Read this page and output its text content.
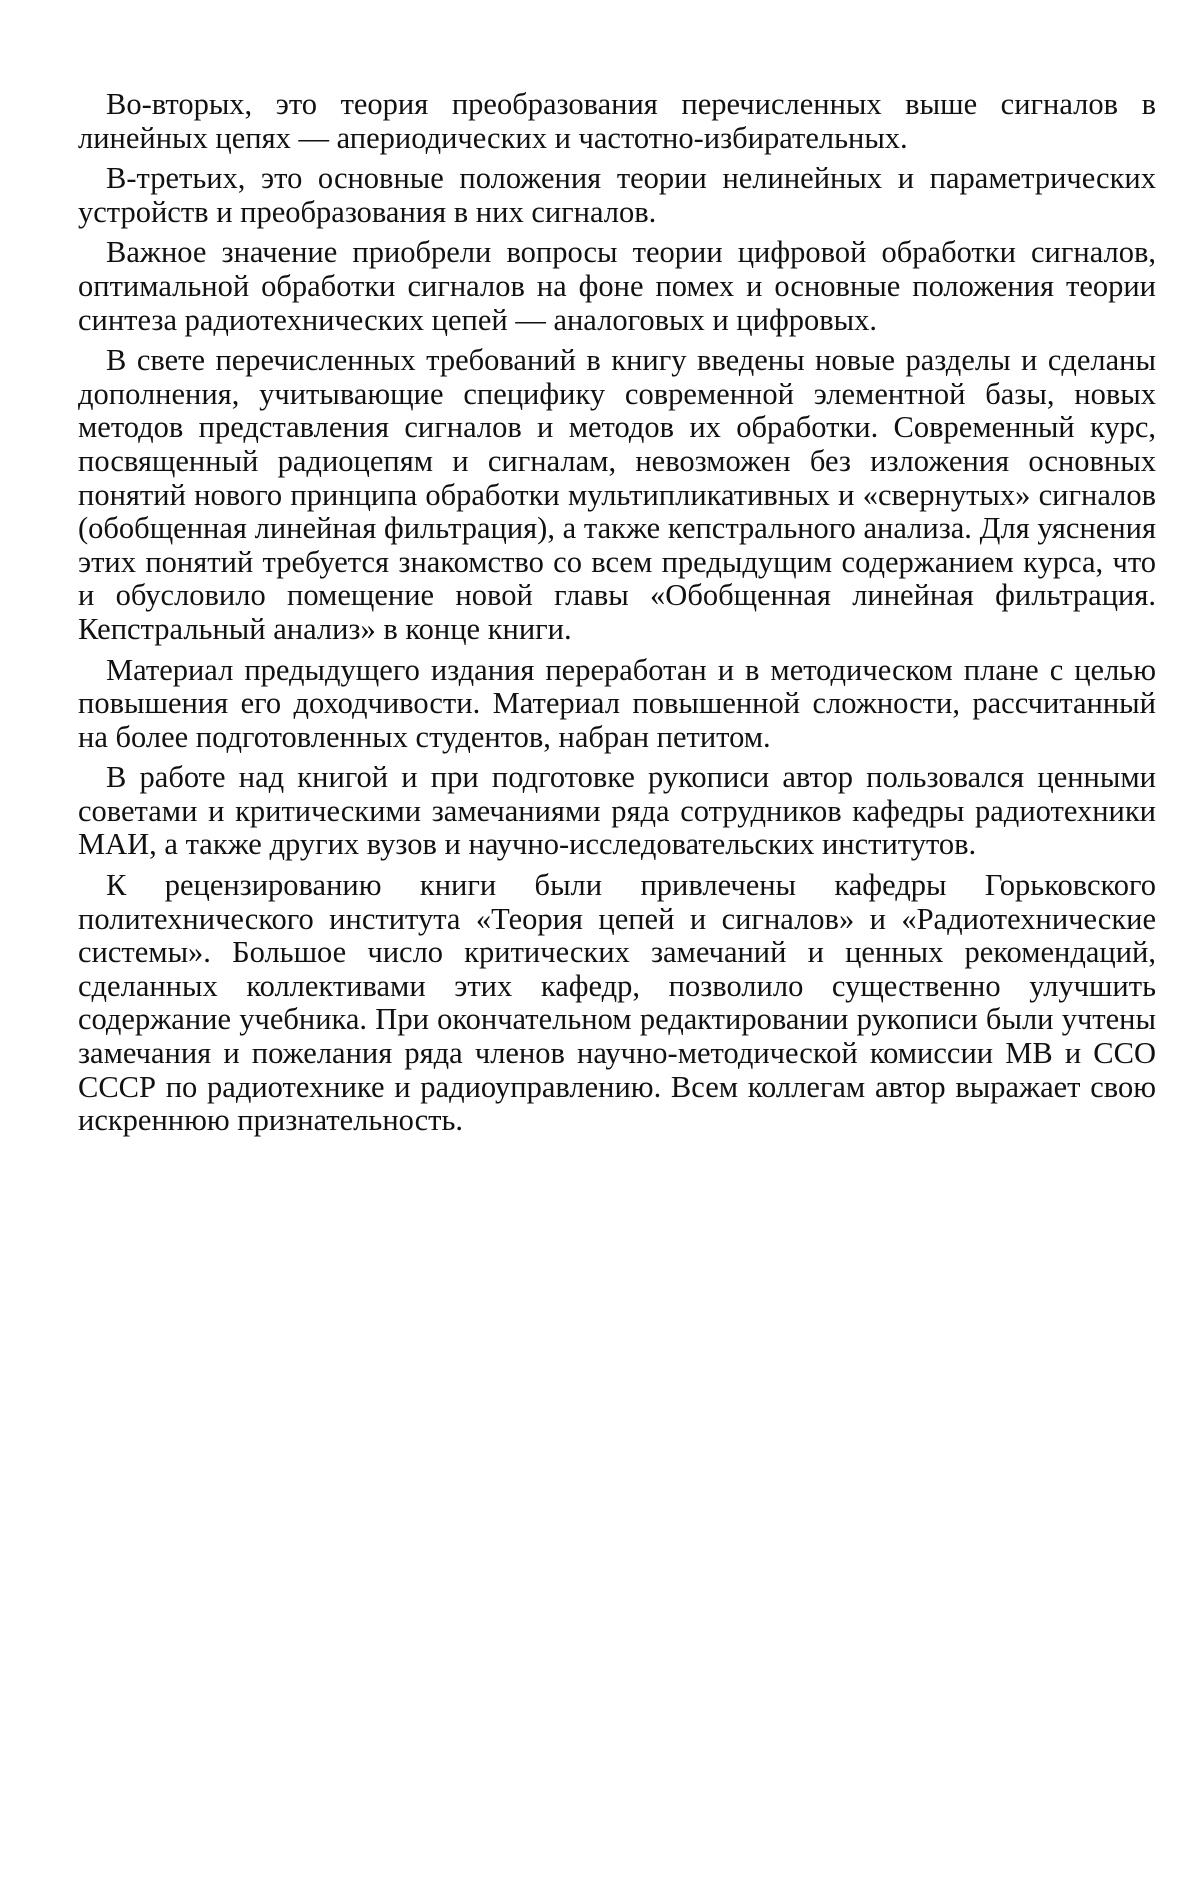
Во-вторых, это теория преобразования перечисленных выше сигналов в линейных цепях — апериодических и частотно-избирательных.

В-третьих, это основные положения теории нелинейных и параметрических устройств и преобразования в них сигналов.

Важное значение приобрели вопросы теории цифровой обработки сигналов, оптимальной обработки сигналов на фоне помех и основные положения теории синтеза радиотехнических цепей — аналоговых и цифровых.

В свете перечисленных требований в книгу введены новые разделы и сделаны дополнения, учитывающие специфику современной элементной базы, новых методов представления сигналов и методов их обработки. Современный курс, посвященный радиоцепям и сигналам, невозможен без изложения основных понятий нового принципа обработки мультипликативных и «свернутых» сигналов (обобщенная линейная фильтрация), а также кепстрального анализа. Для уяснения этих понятий требуется знакомство со всем предыдущим содержанием курса, что и обусловило помещение новой главы «Обобщенная линейная фильтрация. Кепстральный анализ» в конце книги.

Материал предыдущего издания переработан и в методическом плане с целью повышения его доходчивости. Материал повышенной сложности, рассчитанный на более подготовленных студентов, набран петитом.

В работе над книгой и при подготовке рукописи автор пользовался ценными советами и критическими замечаниями ряда сотрудников кафедры радиотехники МАИ, а также других вузов и научно-исследовательских институтов.

К рецензированию книги были привлечены кафедры Горьковского политехнического института «Теория цепей и сигналов» и «Радиотехнические системы». Большое число критических замечаний и ценных рекомендаций, сделанных коллективами этих кафедр, позволило существенно улучшить содержание учебника. При окончательном редактировании рукописи были учтены замечания и пожелания ряда членов научно-методической комиссии МВ и ССО СССР по радиотехнике и радиоуправлению. Всем коллегам автор выражает свою искреннюю признательность.
